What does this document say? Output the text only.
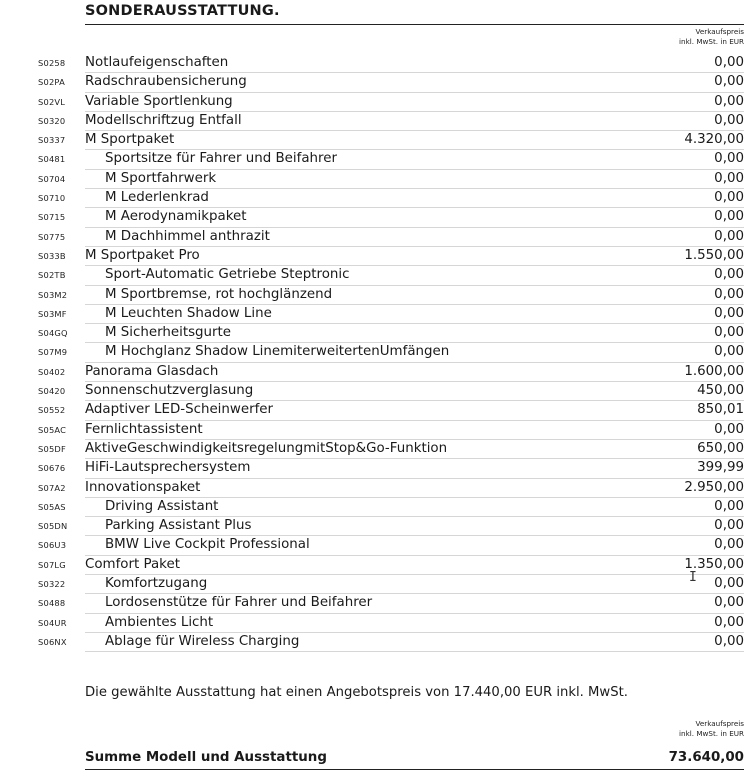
SONDERAUSSTATTUNG.
Verkaufspreis
inkl. MwSt. in EUR
S0258 Notlaufeigenschaften	0,00
S02PA Radschraubensicherung	0,00
S02VL Variable Sportlenkung	0,00
S0320 Modellschriftzug Entfall	0,00
S0337 M Sportpaket	4.320,00
S0481	Sportsitze für Fahrer und Beifahrer	0,00
S0704	M Sportfahrwerk	0,00
S0710	M Lederlenkrad	0,00
S0715	M Aerodynamikpaket	0,00
S0775	M Dachhimmel anthrazit	0,00
S033B M Sportpaket Pro	1.550,00
S02TB	Sport-Automatic Getriebe Steptronic	0,00
S03M2	M Sportbremse, rot hochglänzend	0,00
S03MF	M Leuchten Shadow Line	0,00
S04GQ	M Sicherheitsgurte	0,00
S07M9	M Hochglanz Shadow LinemiterweitertenUmfängen	0,00
S0402 Panorama Glasdach	1.600,00
S0420 Sonnenschutzverglasung	450,00
S0552 Adaptiver LED-Scheinwerfer	850,01
S05AC Fernlichtassistent	0,00
S05DF AktiveGeschwindigkeitsregelungmitStop&Go-Funktion	650,00
S0676 HiFi-Lautsprechersystem	399,99
S07A2 Innovationspaket	2.950,00
S05AS	Driving Assistant	0,00
S05DN	Parking Assistant Plus	0,00
S06U3	BMW Live Cockpit Professional	0,00
S07LG Comfort Paket	1.350,00
S0322	Komfortzugang	0,00
S0488	Lordosenstütze für Fahrer und Beifahrer	0,00
S04UR	Ambientes Licht	0,00
S06NX	Ablage für Wireless Charging	0,00
Die gewählte Ausstattung hat einen Angebotspreis von 17.440,00 EUR inkl. MwSt.
Verkaufspreis
inkl. MwSt. in EUR
Summe Modell und Ausstattung	73.640,00
I
